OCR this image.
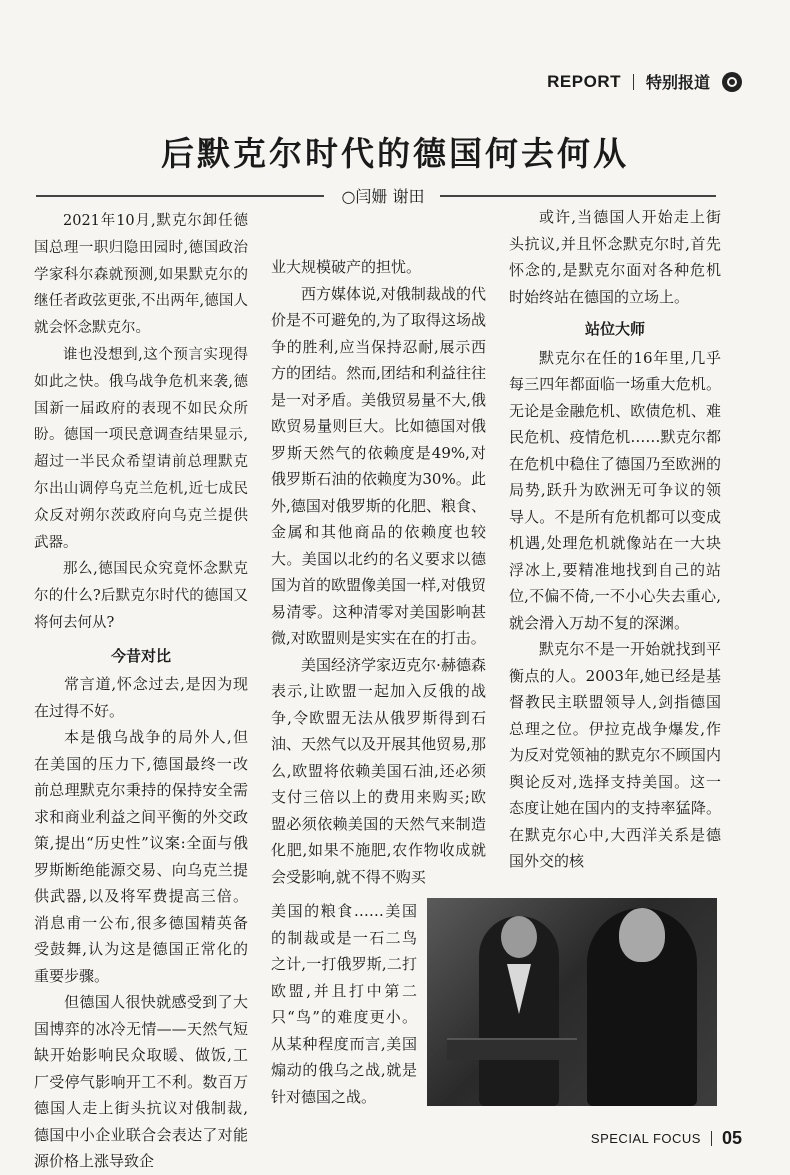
REPORT 特别报道
后默克尔时代的德国何去何从
○闫姗 谢田

2021年10月,默克尔卸任德国总理一职归隐田园时,德国政治学家科尔森就预测,如果默克尔的继任者政弦更张,不出两年,德国人就会怀念默克尔。

谁也没想到,这个预言实现得如此之快。俄乌战争危机来袭,德国新一届政府的表现不如民众所盼。德国一项民意调查结果显示,超过一半民众希望请前总理默克尔出山调停乌克兰危机,近七成民众反对朔尔茨政府向乌克兰提供武器。

那么,德国民众究竟怀念默克尔的什么?后默克尔时代的德国又将何去何从?

今昔对比

常言道,怀念过去,是因为现在过得不好。

本是俄乌战争的局外人,但在美国的压力下,德国最终一改前总理默克尔秉持的保持安全需求和商业利益之间平衡的外交政策,提出“历史性”议案:全面与俄罗斯断绝能源交易、向乌克兰提供武器,以及将军费提高三倍。消息甫一公布,很多德国精英备受鼓舞,认为这是德国正常化的重要步骤。

但德国人很快就感受到了大国博弈的冰冷无情——天然气短缺开始影响民众取暖、做饭,工厂受停气影响开工不利。数百万德国人走上街头抗议对俄制裁,德国中小企业联合会表达了对能源价格上涨导致企

业大规模破产的担忧。

西方媒体说,对俄制裁战的代价是不可避免的,为了取得这场战争的胜利,应当保持忍耐,展示西方的团结。然而,团结和利益往往是一对矛盾。美俄贸易量不大,俄欧贸易量则巨大。比如德国对俄罗斯天然气的依赖度是49%,对俄罗斯石油的依赖度为30%。此外,德国对俄罗斯的化肥、粮食、金属和其他商品的依赖度也较大。美国以北约的名义要求以德国为首的欧盟像美国一样,对俄贸易清零。这种清零对美国影响甚微,对欧盟则是实实在在的打击。

美国经济学家迈克尔·赫德森表示,让欧盟一起加入反俄的战争,令欧盟无法从俄罗斯得到石油、天然气以及开展其他贸易,那么,欧盟将依赖美国石油,还必须支付三倍以上的费用来购买;欧盟必须依赖美国的天然气来制造化肥,如果不施肥,农作物收成就会受影响,就不得不购买

美国的粮食……美国的制裁或是一石二鸟之计,一打俄罗斯,二打欧盟,并且打中第二只“鸟”的难度更小。从某种程度而言,美国煽动的俄乌之战,就是针对德国之战。

或许,当德国人开始走上街头抗议,并且怀念默克尔时,首先怀念的,是默克尔面对各种危机时始终站在德国的立场上。

站位大师

默克尔在任的16年里,几乎每三四年都面临一场重大危机。无论是金融危机、欧债危机、难民危机、疫情危机……默克尔都在危机中稳住了德国乃至欧洲的局势,跃升为欧洲无可争议的领导人。不是所有危机都可以变成机遇,处理危机就像站在一大块浮冰上,要精准地找到自己的站位,不偏不倚,一不小心失去重心,就会滑入万劫不复的深渊。

默克尔不是一开始就找到平衡点的人。2003年,她已经是基督教民主联盟领导人,剑指德国总理之位。伊拉克战争爆发,作为反对党领袖的默克尔不顾国内舆论反对,选择支持美国。这一态度让她在国内的支持率猛降。在默克尔心中,大西洋关系是德国外交的核

SPECIAL FOCUS 05
